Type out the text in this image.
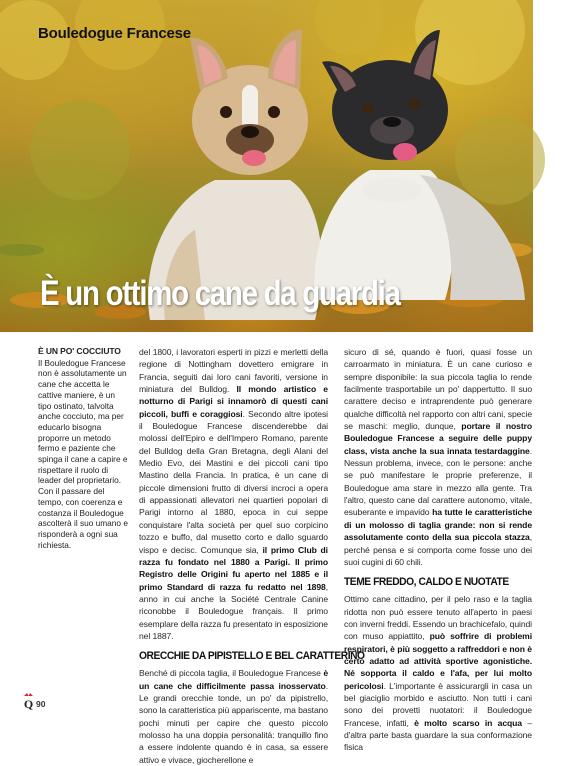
Bouledogue Francese
È un ottimo cane da guardia
È UN PO' COCCIUTO
Il Bouledogue Francese non è assolutamente un cane che accetta le cattive maniere, è un tipo ostinato, talvolta anche cocciuto, ma per educarlo bisogna proporre un metodo fermo e paziente che spinga il cane a capire e rispettare il ruolo di leader del proprietario. Con il passare del tempo, con coerenza e costanza il Bouledogue ascolterà il suo umano e risponderà a ogni sua richiesta.

del 1800, i lavoratori esperti in pizzi e merletti della regione di Nottingham dovettero emigrare in Francia, seguiti dai loro cani favoriti, versione in miniatura del Bulldog. Il mondo artistico e notturno di Parigi si innamorò di questi cani piccoli, buffi e coraggiosi. Secondo altre ipotesi il Bouledogue Francese discenderebbe dai molossi dell'Epiro e dell'Impero Romano, parente del Bulldog della Gran Bretagna, degli Alani del Medio Evo, dei Mastini e dei piccoli cani tipo Mastino della Francia. In pratica, è un cane di piccole dimensioni frutto di diversi incroci a opera di appassionati allevatori nei quartieri popolari di Parigi intorno al 1880, epoca in cui seppe conquistare l'alta società per quel suo corpicino tozzo e buffo, dal musetto corto e dallo sguardo vispo e decisc. Comunque sia, il primo Club di razza fu fondato nel 1880 a Parigi. Il primo Registro delle Origini fu aperto nel 1885 e il primo Standard di razza fu redatto nel 1898, anno in cui anche la Société Centrale Canine riconobbe il Bouledogue français. Il primo esemplare della razza fu presentato in esposizione nel 1887.

ORECCHIE DA PIPISTELLO E BEL CARATTERINO

Benché di piccola taglia, il Bouledogue Francese è un cane che difficilmente passa inosservato. Le grandi orecchie tonde, un po' da pipistrello, sono la caratteristica più appariscente, ma bastano pochi minuti per capire che questo piccolo molosso ha una doppia personalità: tranquillo fino a essere indolente quando è in casa, sa essere attivo e vivace, giocherellone e

sicuro di sé, quando è fuori, quasi fosse un carroarmato in miniatura. È un cane curioso e sempre disponibile: la sua piccola taglia lo rende facilmente trasportabile un po' dappertutto. Il suo carattere deciso e intraprendente può generare qualche difficoltà nel rapporto con altri cani, specie se maschi: meglio, dunque, portare il nostro Bouledogue Francese a seguire delle puppy class, vista anche la sua innata testardaggine. Nessun problema, invece, con le persone: anche se può manifestare le proprie preferenze, il Bouledogue ama stare in mezzo alla gente. Tra l'altro, questo cane dal carattere autonomo, vitale, esuberante e impavido ha tutte le caratteristiche di un molosso di taglia grande: non si rende assolutamente conto della sua piccola stazza, perché pensa e si comporta come fosse uno dei suoi cugini di 60 chili.

TEME FREDDO, CALDO E NUOTATE

Ottimo cane cittadino, per il pelo raso e la taglia ridotta non può essere tenuto all'aperto in paesi con inverni freddi. Essendo un brachicefalo, quindi con muso appiattito, può soffrire di problemi respiratori, è più soggetto a raffreddori e non è certo adatto ad attività sportive agonistiche. Né sopporta il caldo e l'afa, per lui molto pericolosi. L'importante è assicurargli in casa un bel giaciglio morbido e asciutto. Non tutti i cani sono dei provetti nuotatori: il Bouledogue Francese, infatti, è molto scarso in acqua – d'altra parte basta guardare la sua conformazione fisica

Q 90
